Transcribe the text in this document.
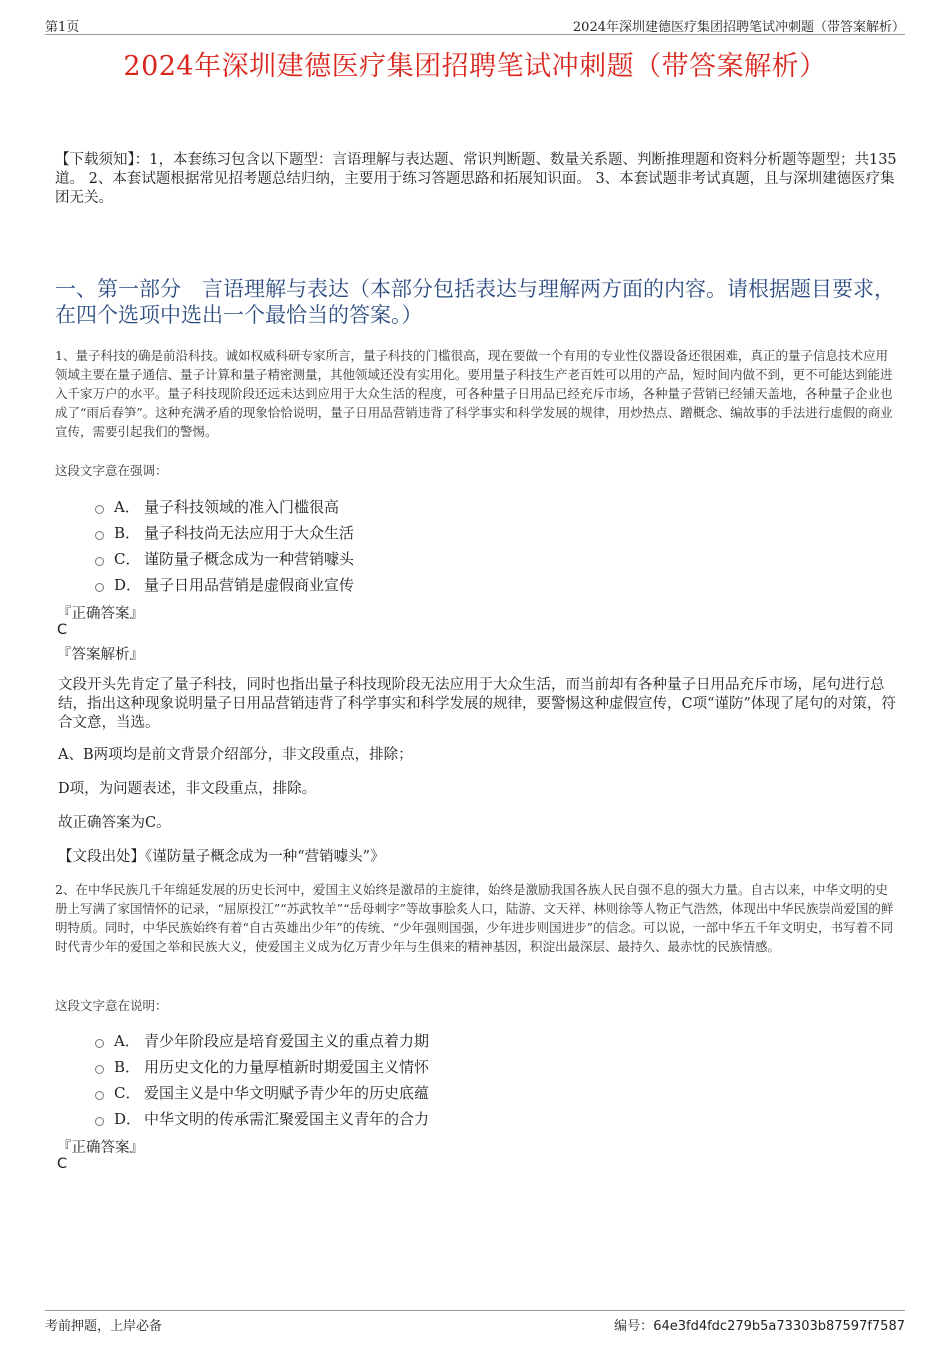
第1页	2024年深圳建德医疗集团招聘笔试冲刺题（带答案解析）
2024年深圳建德医疗集团招聘笔试冲刺题（带答案解析）
【下载须知】：1，本套练习包含以下题型：言语理解与表达题、常识判断题、数量关系题、判断推理题和资料分析题等题型；共135道。 2、本套试题根据常见招考题总结归纳，主要用于练习答题思路和拓展知识面。 3、本套试题非考试真题，且与深圳建德医疗集团无关。
一、第一部分　言语理解与表达（本部分包括表达与理解两方面的内容。请根据题目要求，在四个选项中选出一个最恰当的答案。）
1、量子科技的确是前沿科技。诚如权威科研专家所言，量子科技的门槛很高，现在要做一个有用的专业性仪器设备还很困难，真正的量子信息技术应用领域主要在量子通信、量子计算和量子精密测量，其他领域还没有实用化。要用量子科技生产老百姓可以用的产品，短时间内做不到，更不可能达到能进入千家万户的水平。量子科技现阶段还远未达到应用于大众生活的程度，可各种量子日用品已经充斥市场，各种量子营销已经铺天盖地，各种量子企业也成了“雨后春笋”。这种充满矛盾的现象恰恰说明，量子日用品营销违背了科学事实和科学发展的规律，用炒热点、蹭概念、编故事的手法进行虚假的商业宣传，需要引起我们的警惕。
这段文字意在强调：
A． 量子科技领域的准入门槛很高
B． 量子科技尚无法应用于大众生活
C． 谨防量子概念成为一种营销噱头
D． 量子日用品营销是虚假商业宣传
『正确答案』
C
『答案解析』
文段开头先肯定了量子科技，同时也指出量子科技现阶段无法应用于大众生活，而当前却有各种量子日用品充斥市场，尾句进行总结，指出这种现象说明量子日用品营销违背了科学事实和科学发展的规律，要警惕这种虚假宣传，C项“谨防”体现了尾句的对策，符合文意，当选。
A、B两项均是前文背景介绍部分，非文段重点，排除；
D项，为问题表述，非文段重点，排除。
故正确答案为C。
【文段出处】《谨防量子概念成为一种“营销噱头”》
2、在中华民族几千年绵延发展的历史长河中，爱国主义始终是激昂的主旋律，始终是激励我国各族人民自强不息的强大力量。自古以来，中华文明的史册上写满了家国情怀的记录，“屈原投江”“苏武牧羊”“岳母刺字”等故事脍炙人口，陆游、文天祥、林则徐等人物正气浩然，体现出中华民族崇尚爱国的鲜明特质。同时，中华民族始终有着“自古英雄出少年”的传统、“少年强则国强，少年进步则国进步”的信念。可以说，一部中华五千年文明史，书写着不同时代青少年的爱国之举和民族大义，使爱国主义成为亿万青少年与生俱来的精神基因，积淀出最深层、最持久、最赤忱的民族情感。
这段文字意在说明：
A． 青少年阶段应是培育爱国主义的重点着力期
B． 用历史文化的力量厚植新时期爱国主义情怀
C． 爱国主义是中华文明赋予青少年的历史底蕴
D． 中华文明的传承需汇聚爱国主义青年的合力
『正确答案』
C
考前押题，上岸必备	编号：64e3fd4fdc279b5a73303b87597f7587
